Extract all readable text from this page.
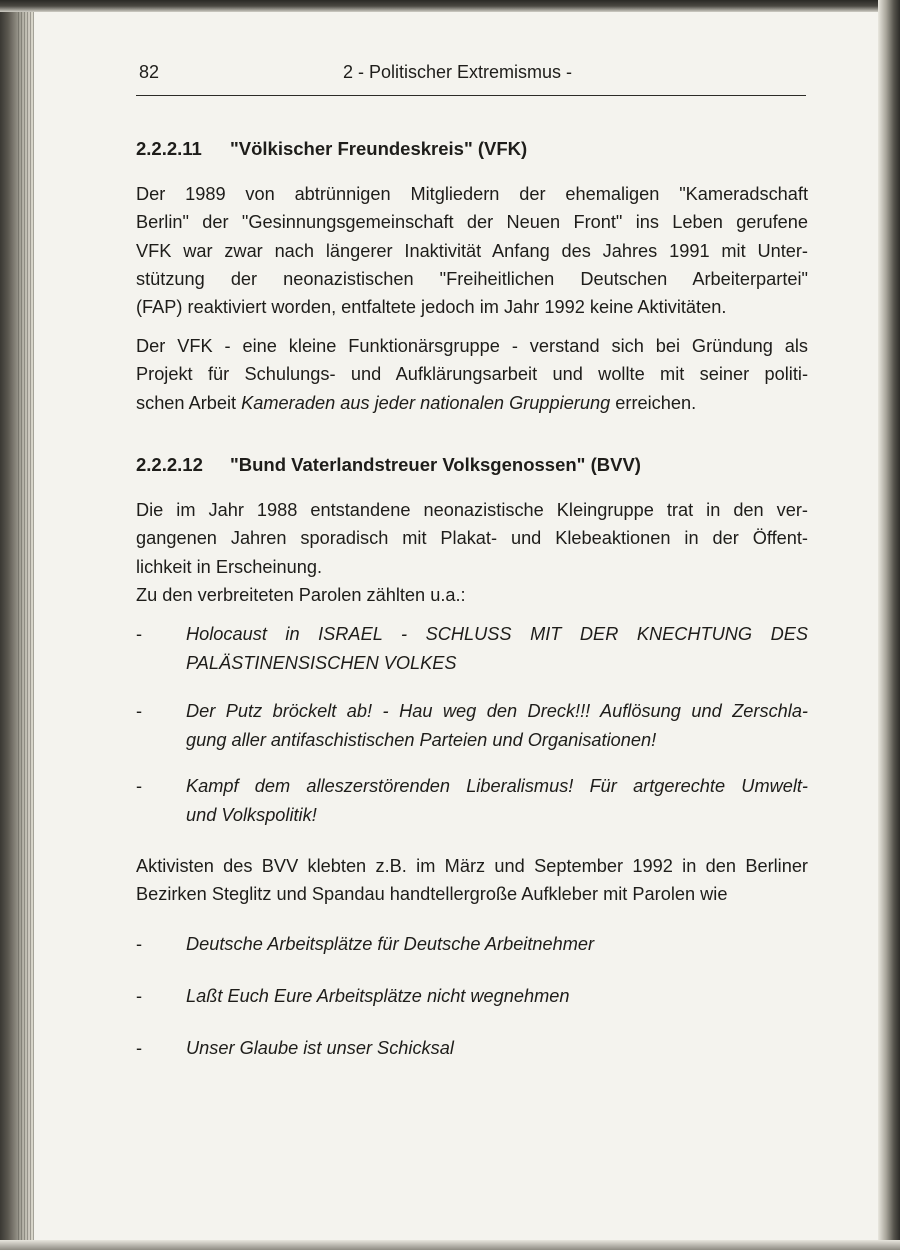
82	2 - Politischer Extremismus -
2.2.2.11 "Völkischer Freundeskreis" (VFK)
Der 1989 von abtrünnigen Mitgliedern der ehemaligen "Kameradschaft
Berlin" der "Gesinnungsgemeinschaft der Neuen Front" ins Leben gerufene
VFK war zwar nach längerer Inaktivität Anfang des Jahres 1991 mit Unter-
stützung der neonazistischen "Freiheitlichen Deutschen Arbeiterpartei"
(FAP) reaktiviert worden, entfaltete jedoch im Jahr 1992 keine Aktivitäten.
Der VFK - eine kleine Funktionärsgruppe - verstand sich bei Gründung als
Projekt für Schulungs- und Aufklärungsarbeit und wollte mit seiner politi-
schen Arbeit Kameraden aus jeder nationalen Gruppierung erreichen.
2.2.2.12 "Bund Vaterlandstreuer Volksgenossen" (BVV)
Die im Jahr 1988 entstandene neonazistische Kleingruppe trat in den ver-
gangenen Jahren sporadisch mit Plakat- und Klebeaktionen in der Öffent-
lichkeit in Erscheinung.
Zu den verbreiteten Parolen zählten u.a.:
- Holocaust in ISRAEL - SCHLUSS MIT DER KNECHTUNG DES
PALÄSTINENSISCHEN VOLKES
- Der Putz bröckelt ab! - Hau weg den Dreck!!! Auflösung und Zerschla-
gung aller antifaschistischen Parteien und Organisationen!
- Kampf dem alleszerstörenden Liberalismus! Für artgerechte Umwelt-
und Volkspolitik!
Aktivisten des BVV klebten z.B. im März und September 1992 in den Berliner
Bezirken Steglitz und Spandau handtellergroße Aufkleber mit Parolen wie
- Deutsche Arbeitsplätze für Deutsche Arbeitnehmer
- Laßt Euch Eure Arbeitsplätze nicht wegnehmen
- Unser Glaube ist unser Schicksal
